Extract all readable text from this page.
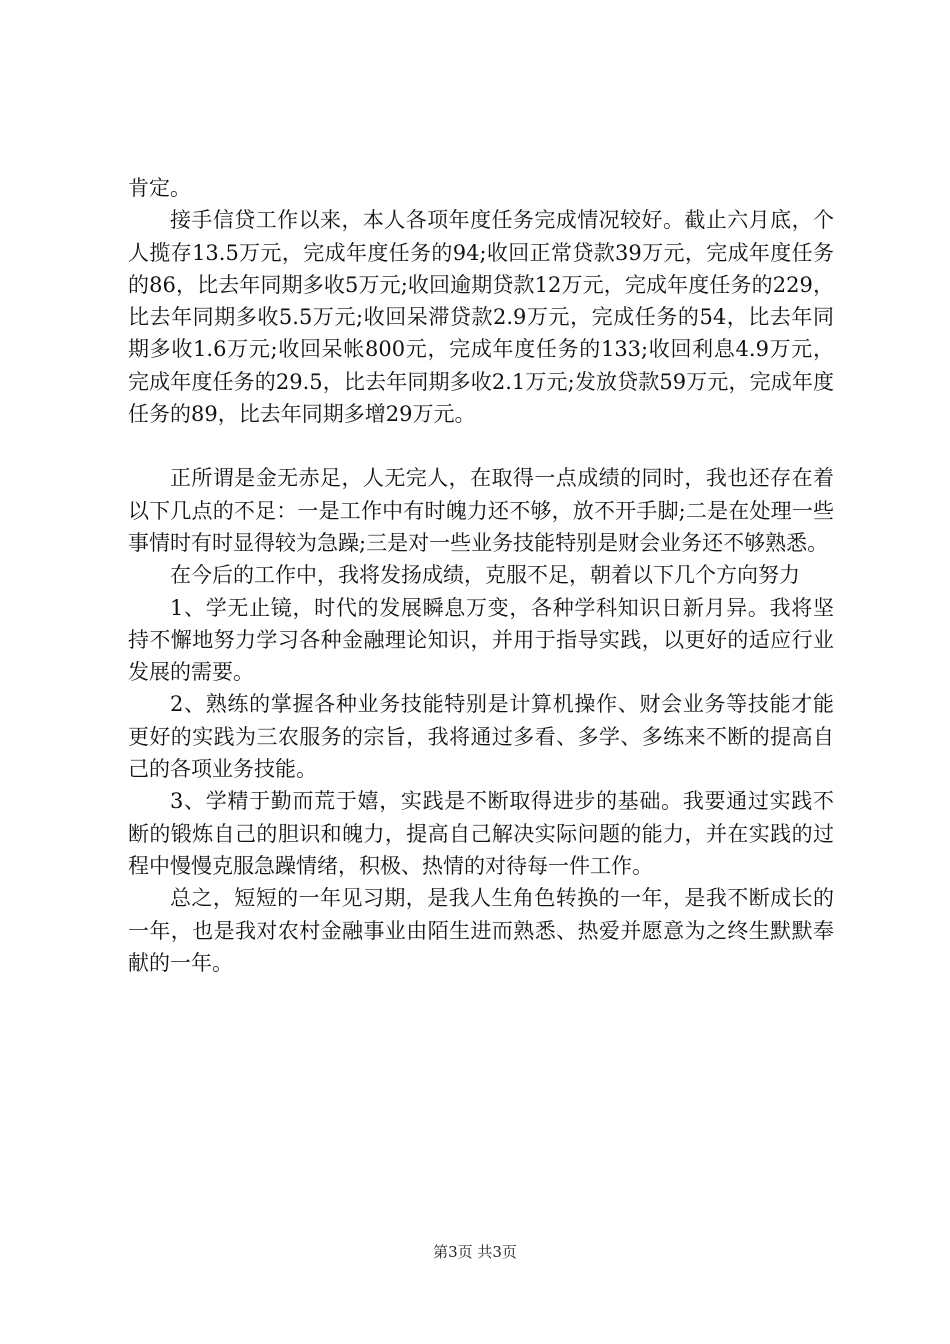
肯定。

接手信贷工作以来，本人各项年度任务完成情况较好。截止六月底，个人揽存13.5万元，完成年度任务的94;收回正常贷款39万元，完成年度任务的86，比去年同期多收5万元;收回逾期贷款12万元，完成年度任务的229，比去年同期多收5.5万元;收回呆滞贷款2.9万元，完成任务的54，比去年同期多收1.6万元;收回呆帐800元，完成年度任务的133;收回利息4.9万元，完成年度任务的29.5，比去年同期多收2.1万元;发放贷款59万元，完成年度任务的89，比去年同期多增29万元。

正所谓是金无赤足，人无完人，在取得一点成绩的同时，我也还存在着以下几点的不足：一是工作中有时魄力还不够，放不开手脚;二是在处理一些事情时有时显得较为急躁;三是对一些业务技能特别是财会业务还不够熟悉。

在今后的工作中，我将发扬成绩，克服不足，朝着以下几个方向努力

1、学无止镜，时代的发展瞬息万变，各种学科知识日新月异。我将坚持不懈地努力学习各种金融理论知识，并用于指导实践，以更好的适应行业发展的需要。

2、熟练的掌握各种业务技能特别是计算机操作、财会业务等技能才能更好的实践为三农服务的宗旨，我将通过多看、多学、多练来不断的提高自己的各项业务技能。

3、学精于勤而荒于嬉，实践是不断取得进步的基础。我要通过实践不断的锻炼自己的胆识和魄力，提高自己解决实际问题的能力，并在实践的过程中慢慢克服急躁情绪，积极、热情的对待每一件工作。

总之，短短的一年见习期，是我人生角色转换的一年，是我不断成长的一年，也是我对农村金融事业由陌生进而熟悉、热爱并愿意为之终生默默奉献的一年。

第3页 共3页
